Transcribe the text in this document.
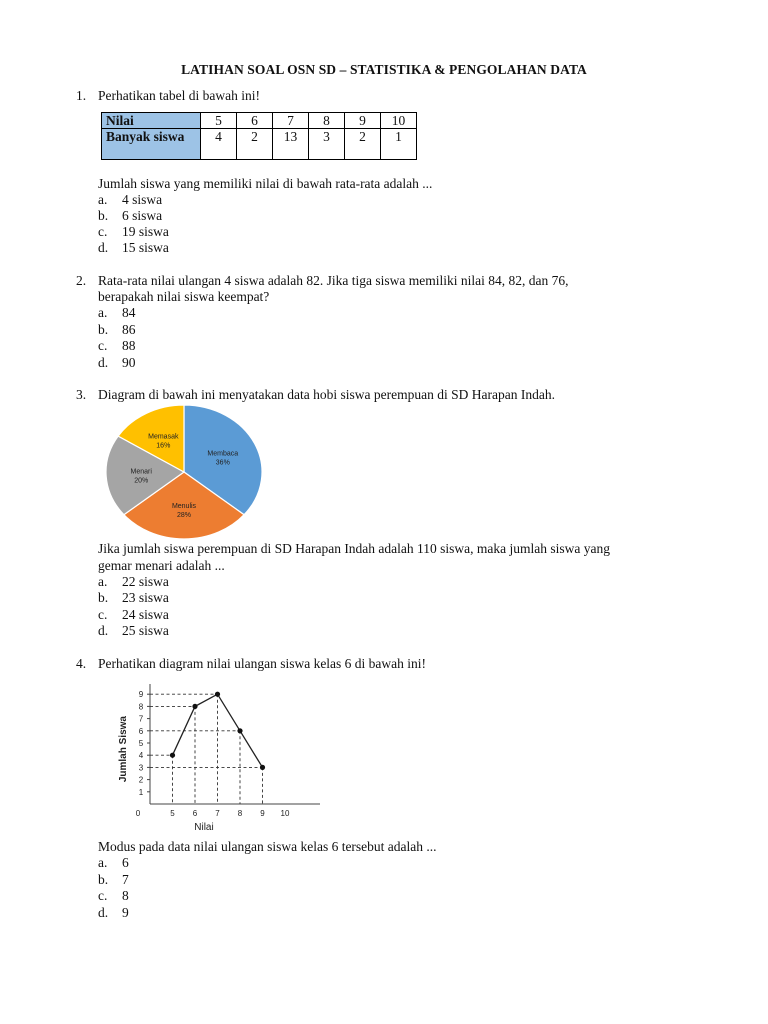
LATIHAN SOAL OSN SD – STATISTIKA & PENGOLAHAN DATA
1. Perhatikan tabel di bawah ini!
Nilai	5	6	7	8	9	10
Banyak siswa	4	2	13	3	2	1
Jumlah siswa yang memiliki nilai di bawah rata-rata adalah ...
a. 4 siswa
b. 6 siswa
c. 19 siswa
d. 15 siswa
2. Rata-rata nilai ulangan 4 siswa adalah 82. Jika tiga siswa memiliki nilai 84, 82, dan 76,
berapakah nilai siswa keempat?
a. 84
b. 86
c. 88
d. 90
3. Diagram di bawah ini menyatakan data hobi siswa perempuan di SD Harapan Indah.
Membaca
36%
Menulis
28%
Menari
20%
Memasak
16%
Jika jumlah siswa perempuan di SD Harapan Indah adalah 110 siswa, maka jumlah siswa yang
gemar menari adalah ...
a. 22 siswa
b. 23 siswa
c. 24 siswa
d. 25 siswa
4. Perhatikan diagram nilai ulangan siswa kelas 6 di bawah ini!
1
2
3
4
5
6
7
8
9
5 6 7 8 9 10
0
Nilai
Jumlah Siswa
Modus pada data nilai ulangan siswa kelas 6 tersebut adalah ...
a. 6
b. 7
c. 8
d. 9
